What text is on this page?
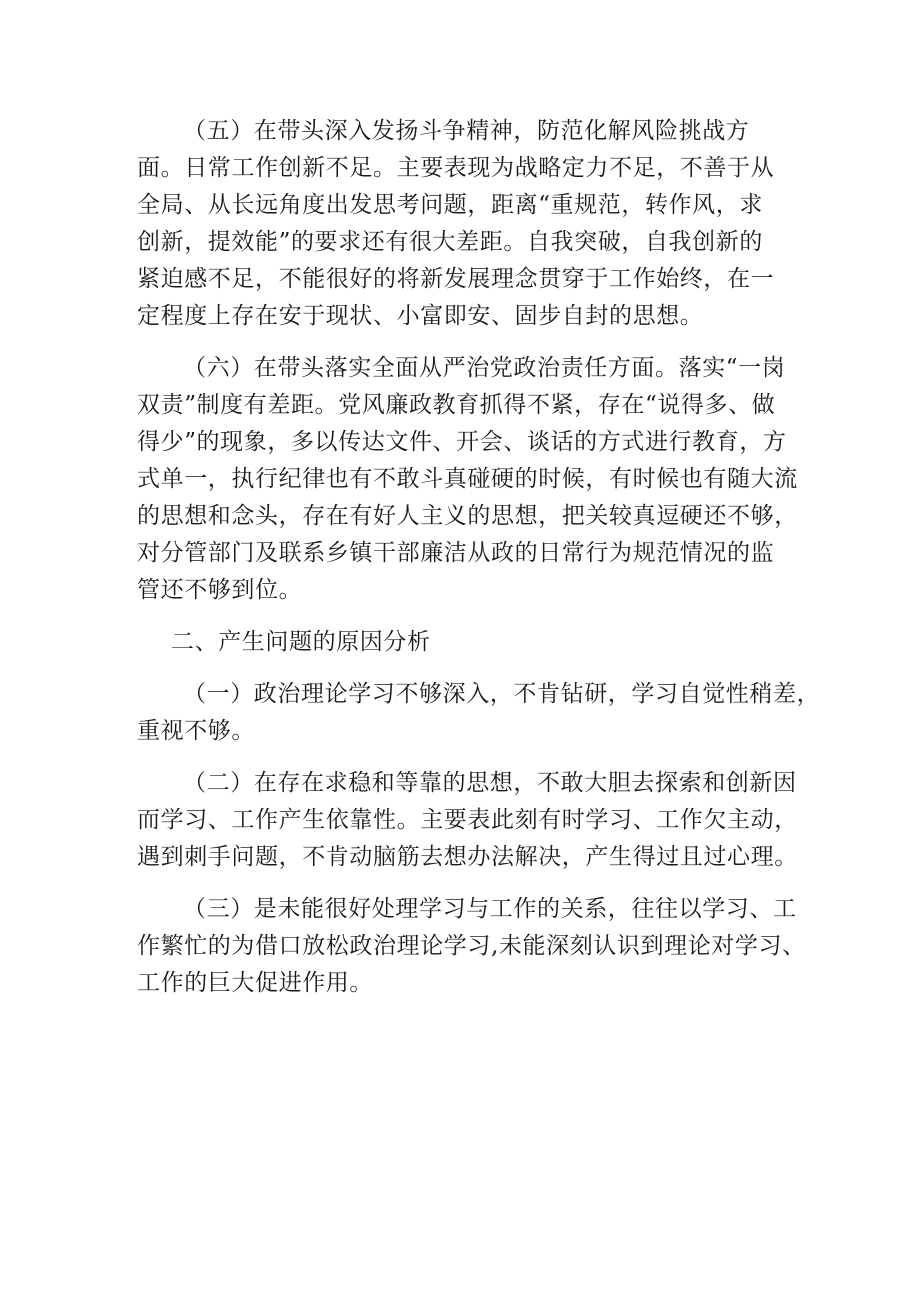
（五）在带头深入发扬斗争精神，防范化解风险挑战方
面。日常工作创新不足。主要表现为战略定力不足，不善于从
全局、从长远角度出发思考问题，距离“重规范，转作风，求
创新，提效能”的要求还有很大差距。自我突破，自我创新的
紧迫感不足，不能很好的将新发展理念贯穿于工作始终，在一
定程度上存在安于现状、小富即安、固步自封的思想。
（六）在带头落实全面从严治党政治责任方面。落实“一岗
双责”制度有差距。党风廉政教育抓得不紧，存在“说得多、做
得少”的现象，多以传达文件、开会、谈话的方式进行教育，方
式单一，执行纪律也有不敢斗真碰硬的时候，有时候也有随大流
的思想和念头，存在有好人主义的思想，把关较真逗硬还不够，
对分管部门及联系乡镇干部廉洁从政的日常行为规范情况的监
管还不够到位。
二、产生问题的原因分析
（一）政治理论学习不够深入，不肯钻研，学习自觉性稍差，
重视不够。
（二）在存在求稳和等靠的思想，不敢大胆去探索和创新因
而学习、工作产生依靠性。主要表此刻有时学习、工作欠主动，
遇到刺手问题，不肯动脑筋去想办法解决，产生得过且过心理。
（三）是未能很好处理学习与工作的关系，往往以学习、工
作繁忙的为借口放松政治理论学习,未能深刻认识到理论对学习、
工作的巨大促进作用。
